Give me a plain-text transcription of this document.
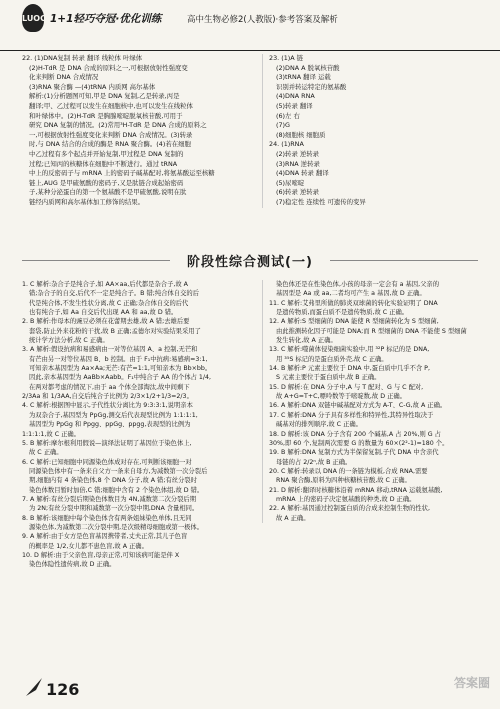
LUOC 1+1轻巧夺冠·优化训练	高中生物必修2(人教版)·参考答案及解析
22. (1)DNA复制 转录 翻译 线粒体 叶绿体
(2)H-TdR 是 DNA 合成的原料之一,可根据放射性强度变
化来判断 DNA 合成情况
(3)RNA 聚合酶 —(4)tRNA 内质网 高尔基体
解析:(1)分析题图可知,甲是 DNA 复制,乙是转录,丙是
翻译;甲、乙过程可以发生在细胞核中,也可以发生在线粒体
和叶绿体中。(2)H-TdR 是胸腺嘧啶脱氧核苷酸,可用于
研究 DNA 复制的情况。(2)常用³H-TdR 是 DNA 合成的原料之
一,可根据放射性强度变化来判断 DNA 合成情况。(3)转录
时,与 DNA 结合的合成的酶是 RNA 聚合酶。(4)若在细胞
中乙过程有多个起点并开始复制,甲过程是 DNA 复制的
过程;已知丙的核糖体在细胞中不断进行。通过 tRNA
中上的反密码子与 mRNA 上的密码子碱基配对,将氨基酸运至核糖
链上,AUG 是甲硫氨酸的密码子,又是肽链合成起始密码
子,某种分泌蛋白的第一个氨基酸不是甲硫氨酸,说明在肽
链经内质网和高尔基体加工修饰的结果。
23. (1)A 链
(2)DNA A 脱氧核苷酸
(3)tRNA 翻译 运载
识别并转运特定的氨基酸
(4)DNA RNA
(5)转录 翻译
(6)左 右
(7)G
(8)细胞核 细胞质
24. (1)RNA
(2)转录 逆转录
(3)RNA 逆转录
(4)DNA 转录 翻译
(5)尿嘧啶
(6)转录 逆转录
(7)稳定性 连续性 可遗传的变异
阶段性综合测试(一)
1. C 解析:杂合子是纯合子,如 AA×aa,后代都是杂合子,故 A
错;杂合子的自交,后代不一定是纯合子。B 错;纯合体自交的后
代是纯合体,不发生性状分离,故 C 正确;杂合体自交的后代
也有纯合子,如 Aa 自交后代出现 AA 和 aa,故 D 错。
2. B 解析:作母本的豌豆必须在花蕾期去雄,故 A 错;去雄后要
套袋,防止外来花粉的干扰,故 B 正确;孟德尔对实验结果采用了
统计学方法分析,故 C 正确。
3. A 解析:假设抗病和易感病由一对等位基因 A、a 控制,无芒和
有芒由另一对等位基因 B、b 控制。由于 F₁中抗病:易感病=3:1,
可知亲本基因型为 Aa×Aa;无芒:有芒=1:1,可知亲本为 Bb×bb。
因此,亲本基因型为 AaBb×Aabb。F₁中纯合子 AA 的个体占 1/4,
在两对都考虑的情况下,由于 aa 个体全部淘汰,故中间剩下
2/3Aa 和 1/3AA,自交后纯合子比例为 2/3×1/2+1/3=2/3。
4. C 解析:根据图中显示,子代性状分离比为 9:3:3:1,说明亲本
为双杂合子,基因型为 PpGg,测交后代表现型比例为 1:1:1:1,
基因型为 PpGg 和 Ppgg、ppGg、ppgg,表现型的比例为
1:1:1:1,故 C 正确。
5. B 解析:摩尔根利用假说—演绎法证明了基因位于染色体上,
故 C 正确。
6. C 解析:已知细胞中同源染色体成对存在,可判断该细胞一对
同源染色体中有一条来自父方一条来自母方,为减数第一次分裂后
期,细胞内有 4 条染色体,8 个 DNA 分子,故 A 错;有丝分裂时
染色体数目暂时加倍,C 错;细胞中含有 2 个染色体组,故 D 错。
7. A 解析:有丝分裂后期染色体数目为 4N,减数第二次分裂后期
为 2N;有丝分裂中期和减数第一次分裂中期,DNA 含量相同。
8. B 解析:该细胞中每个染色体含有两条姐妹染色单体,且无同
源染色体,为减数第二次分裂中期,是次级精母细胞或第一极体。
9. A 解析:由于女方是色盲基因携带者,丈夫正常,其儿子色盲
的概率是 1/2,女儿都不患色盲,故 A 正确。
10. D 解析:由于父亲色盲,母亲正常,可知该病可能是伴 X
染色体隐性遗传病,故 D 正确。
染色体还是在性染色体,小孩的母亲一定会有 a 基因,父亲的
基因型是 Aa 或 aa,二者均可产生 a 基因,故 D 正确。
11. C 解析:艾弗里所做的肺炎双球菌的转化实验证明了 DNA
是遗传物质,而蛋白质不是遗传物质,故 C 正确。
12. A 解析:S 型细菌的 DNA 能使 R 型细菌转化为 S 型细菌,
由此推测转化因子可能是 DNA;而 R 型细菌的 DNA 不能使 S 型细菌
发生转化,故 A 正确。
13. C 解析:噬菌体侵染细菌实验中,用 ³²P 标记的是 DNA,
用 ³⁵S 标记的是蛋白质外壳,故 C 正确。
14. B 解析:P 元素主要位于 DNA 中,蛋白质中几乎不含 P,
S 元素主要位于蛋白质中,故 B 正确。
15. D 解析:在 DNA 分子中,A 与 T 配对、G 与 C 配对,
故 A+G=T+C,嘌呤数等于嘧啶数,故 D 正确。
16. A 解析:DNA 双链中碱基配对方式为 A-T、C-G,故 A 正确。
17. C 解析:DNA 分子具有多样性和特异性,其特异性取决于
碱基对的排列顺序,故 C 正确。
18. D 解析:该 DNA 分子含有 200 个碱基,A 占 20%,则 G 占
30%,即 60 个,复制两次需要 G 的数量为 60×(2²-1)=180 个。
19. B 解析:DNA 复制方式为半保留复制,子代 DNA 中含亲代
母链的占 2/2ⁿ,故 B 正确。
20. C 解析:转录以 DNA 的一条链为模板,合成 RNA,需要
RNA 聚合酶,原料为四种核糖核苷酸,故 C 正确。
21. D 解析:翻译时核糖体沿着 mRNA 移动,tRNA 运载氨基酸,
mRNA 上的密码子决定氨基酸的种类,故 D 正确。
22. A 解析:基因通过控制蛋白质的合成来控制生物的性状,
故 A 正确。
126	答案圈
